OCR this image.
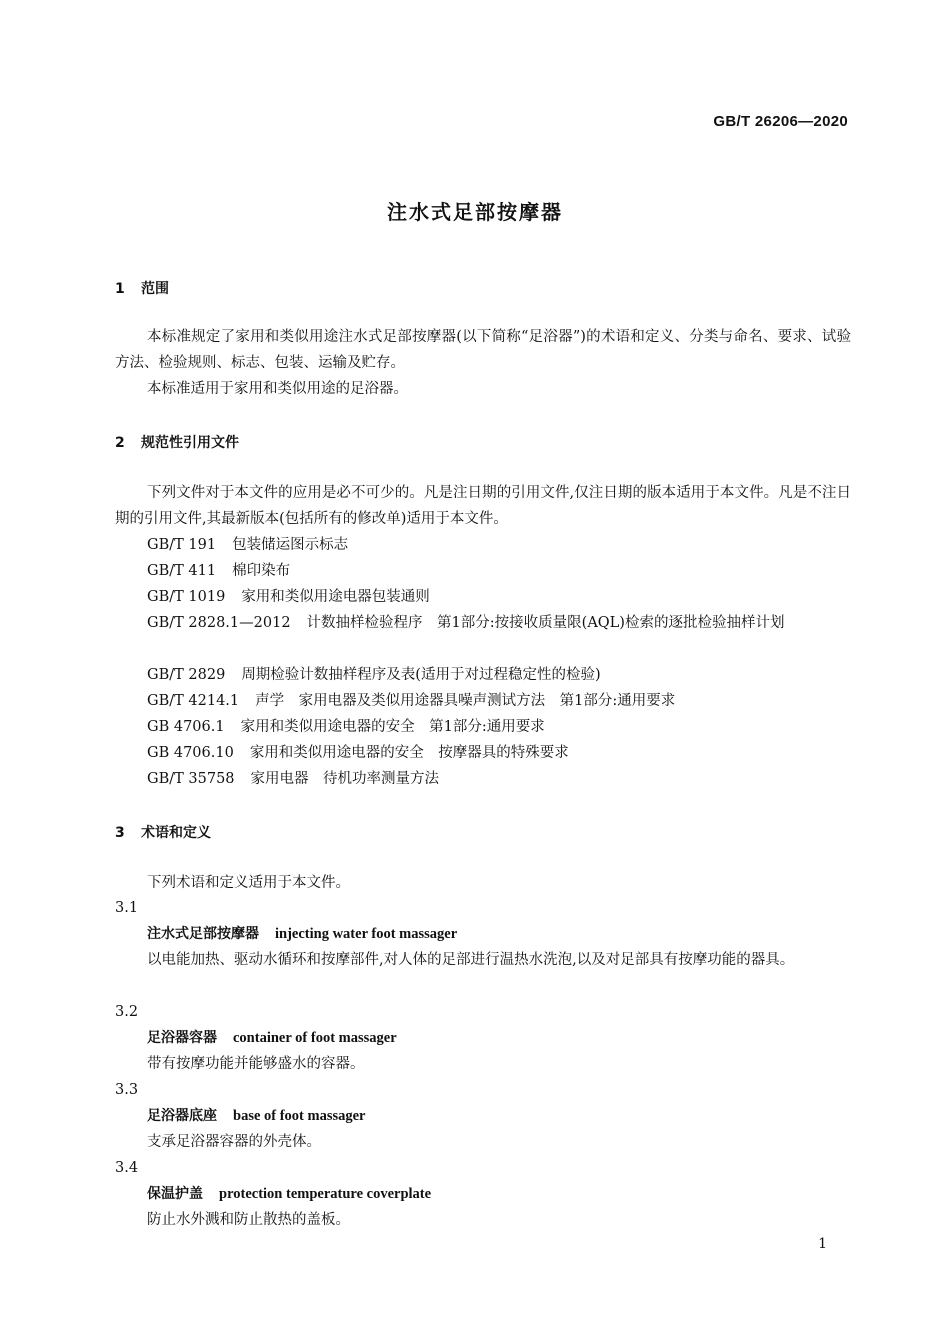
GB/T 26206—2020
注水式足部按摩器
1 范围
本标准规定了家用和类似用途注水式足部按摩器(以下简称“足浴器”)的术语和定义、分类与命名、要求、试验方法、检验规则、标志、包装、运输及贮存。
本标准适用于家用和类似用途的足浴器。
2 规范性引用文件
下列文件对于本文件的应用是必不可少的。凡是注日期的引用文件,仅注日期的版本适用于本文件。凡是不注日期的引用文件,其最新版本(包括所有的修改单)适用于本文件。
GB/T 191 包装储运图示标志
GB/T 411 棉印染布
GB/T 1019 家用和类似用途电器包装通则
GB/T 2828.1—2012 计数抽样检验程序　第1部分:按接收质量限(AQL)检索的逐批检验抽样计划
GB/T 2829 周期检验计数抽样程序及表(适用于对过程稳定性的检验)
GB/T 4214.1 声学　家用电器及类似用途器具噪声测试方法　第1部分:通用要求
GB 4706.1 家用和类似用途电器的安全　第1部分:通用要求
GB 4706.10 家用和类似用途电器的安全　按摩器具的特殊要求
GB/T 35758 家用电器　待机功率测量方法
3 术语和定义
下列术语和定义适用于本文件。
3.1
注水式足部按摩器 injecting water foot massager
以电能加热、驱动水循环和按摩部件,对人体的足部进行温热水洗泡,以及对足部具有按摩功能的器具。
3.2
足浴器容器 container of foot massager
带有按摩功能并能够盛水的容器。
3.3
足浴器底座 base of foot massager
支承足浴器容器的外壳体。
3.4
保温护盖 protection temperature coverplate
防止水外溅和防止散热的盖板。
1
